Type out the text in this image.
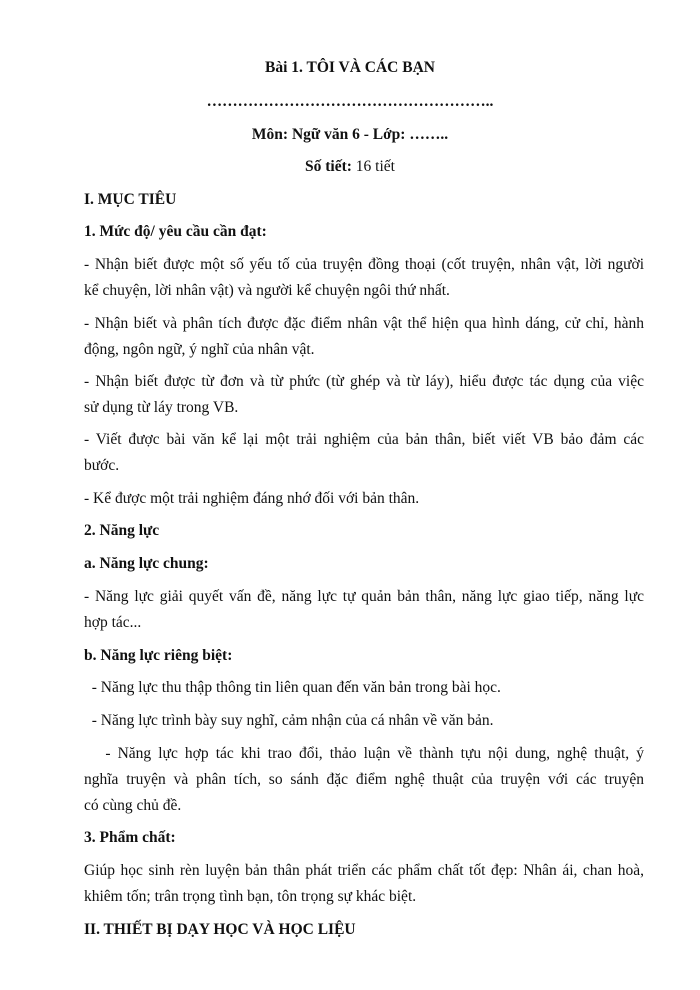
Bài 1. TÔI VÀ CÁC BẠN
………………………………………………..
Môn: Ngữ văn 6 - Lớp: ……..
Số tiết: 16 tiết
I. MỤC TIÊU
1. Mức độ/ yêu cầu cần đạt:
- Nhận biết được một số yếu tố của truyện đồng thoại (cốt truyện, nhân vật, lời người
kể chuyện, lời nhân vật) và người kể chuyện ngôi thứ nhất.
- Nhận biết và phân tích được đặc điểm nhân vật thể hiện qua hình dáng, cử chỉ, hành
động, ngôn ngữ, ý nghĩ của nhân vật.
- Nhận biết được từ đơn và từ phức (từ ghép và từ láy), hiểu được tác dụng của việc
sử dụng từ láy trong VB.
- Viết được bài văn kể lại một trải nghiệm của bản thân, biết viết VB bảo đảm các
bước.
- Kể được một trải nghiệm đáng nhớ đối với bản thân.
2. Năng lực
a. Năng lực chung:
- Năng lực giải quyết vấn đề, năng lực tự quản bản thân, năng lực giao tiếp, năng lực
hợp tác...
b. Năng lực riêng biệt:
- Năng lực thu thập thông tin liên quan đến văn bản trong bài học.
- Năng lực trình bày suy nghĩ, cảm nhận của cá nhân về văn bản.
- Năng lực hợp tác khi trao đổi, thảo luận về thành tựu nội dung, nghệ thuật, ý
nghĩa truyện và phân tích, so sánh đặc điểm nghệ thuật của truyện với các truyện
có cùng chủ đề.
3. Phẩm chất:
Giúp học sinh rèn luyện bản thân phát triển các phẩm chất tốt đẹp: Nhân ái, chan hoà,
khiêm tốn; trân trọng tình bạn, tôn trọng sự khác biệt.
II. THIẾT BỊ DẠY HỌC VÀ HỌC LIỆU
